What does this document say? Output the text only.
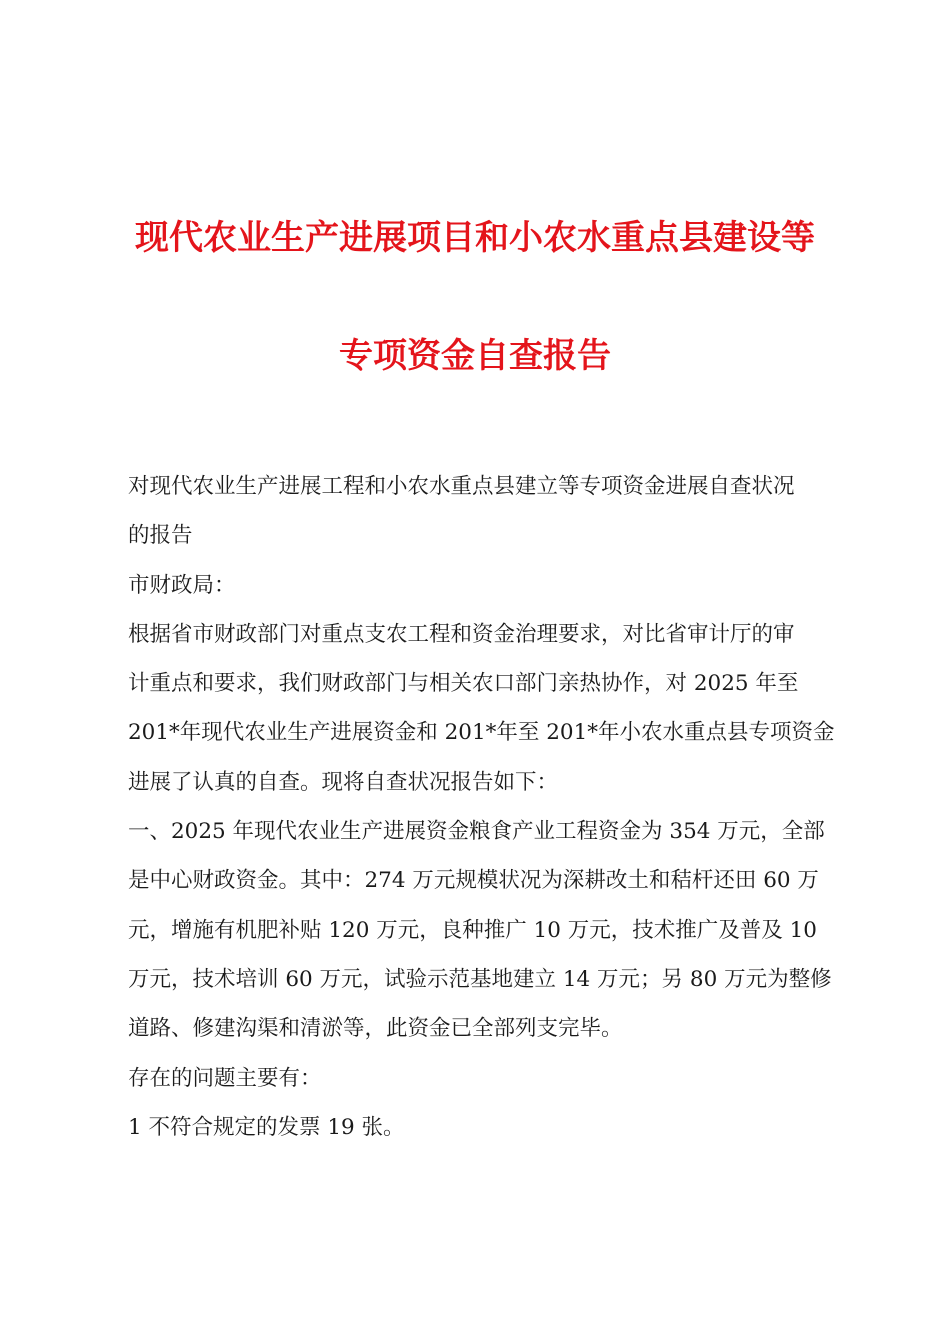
现代农业生产进展项目和小农水重点县建设等
专项资金自查报告
对现代农业生产进展工程和小农水重点县建立等专项资金进展自查状况
的报告
市财政局：
根据省市财政部门对重点支农工程和资金治理要求，对比省审计厅的审
计重点和要求，我们财政部门与相关农口部门亲热协作，对 2025 年至
201*年现代农业生产进展资金和 201*年至 201*年小农水重点县专项资金
进展了认真的自查。现将自查状况报告如下：
一、2025 年现代农业生产进展资金粮食产业工程资金为 354 万元，全部
是中心财政资金。其中：274 万元规模状况为深耕改土和秸杆还田 60 万
元，增施有机肥补贴 120 万元，良种推广 10 万元，技术推广及普及 10
万元，技术培训 60 万元，试验示范基地建立 14 万元；另 80 万元为整修
道路、修建沟渠和清淤等，此资金已全部列支完毕。
存在的问题主要有：
1 不符合规定的发票 19 张。
